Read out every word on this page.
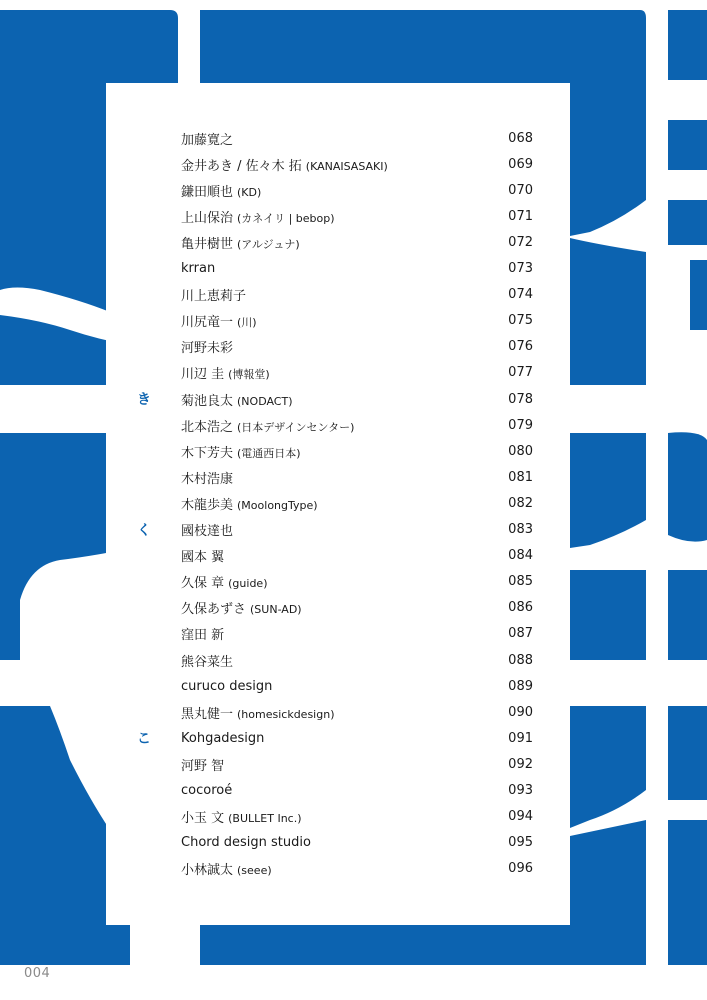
加藤寛之	068
金井あき / 佐々木 拓 (KANAISASAKI)	069
鎌田順也 (KD)	070
上山保治 (カネイリ | bebop)	071
亀井樹世 (アルジュナ)	072
krran	073
川上恵莉子	074
川尻竜一 (川)	075
河野未彩	076
川辺 圭 (博報堂)	077
き	菊池良太 (NODACT)	078
北本浩之 (日本デザインセンター)	079
木下芳夫 (電通西日本)	080
木村浩康	081
木龍歩美 (MoolongType)	082
く	國枝達也	083
國本 翼	084
久保 章 (guide)	085
久保あずさ (SUN-AD)	086
窪田 新	087
熊谷菜生	088
curuco design	089
黒丸健一 (homesickdesign)	090
こ	Kohgadesign	091
河野 智	092
cocoroé	093
小玉 文 (BULLET Inc.)	094
Chord design studio	095
小林誠太 (seee)	096
004
